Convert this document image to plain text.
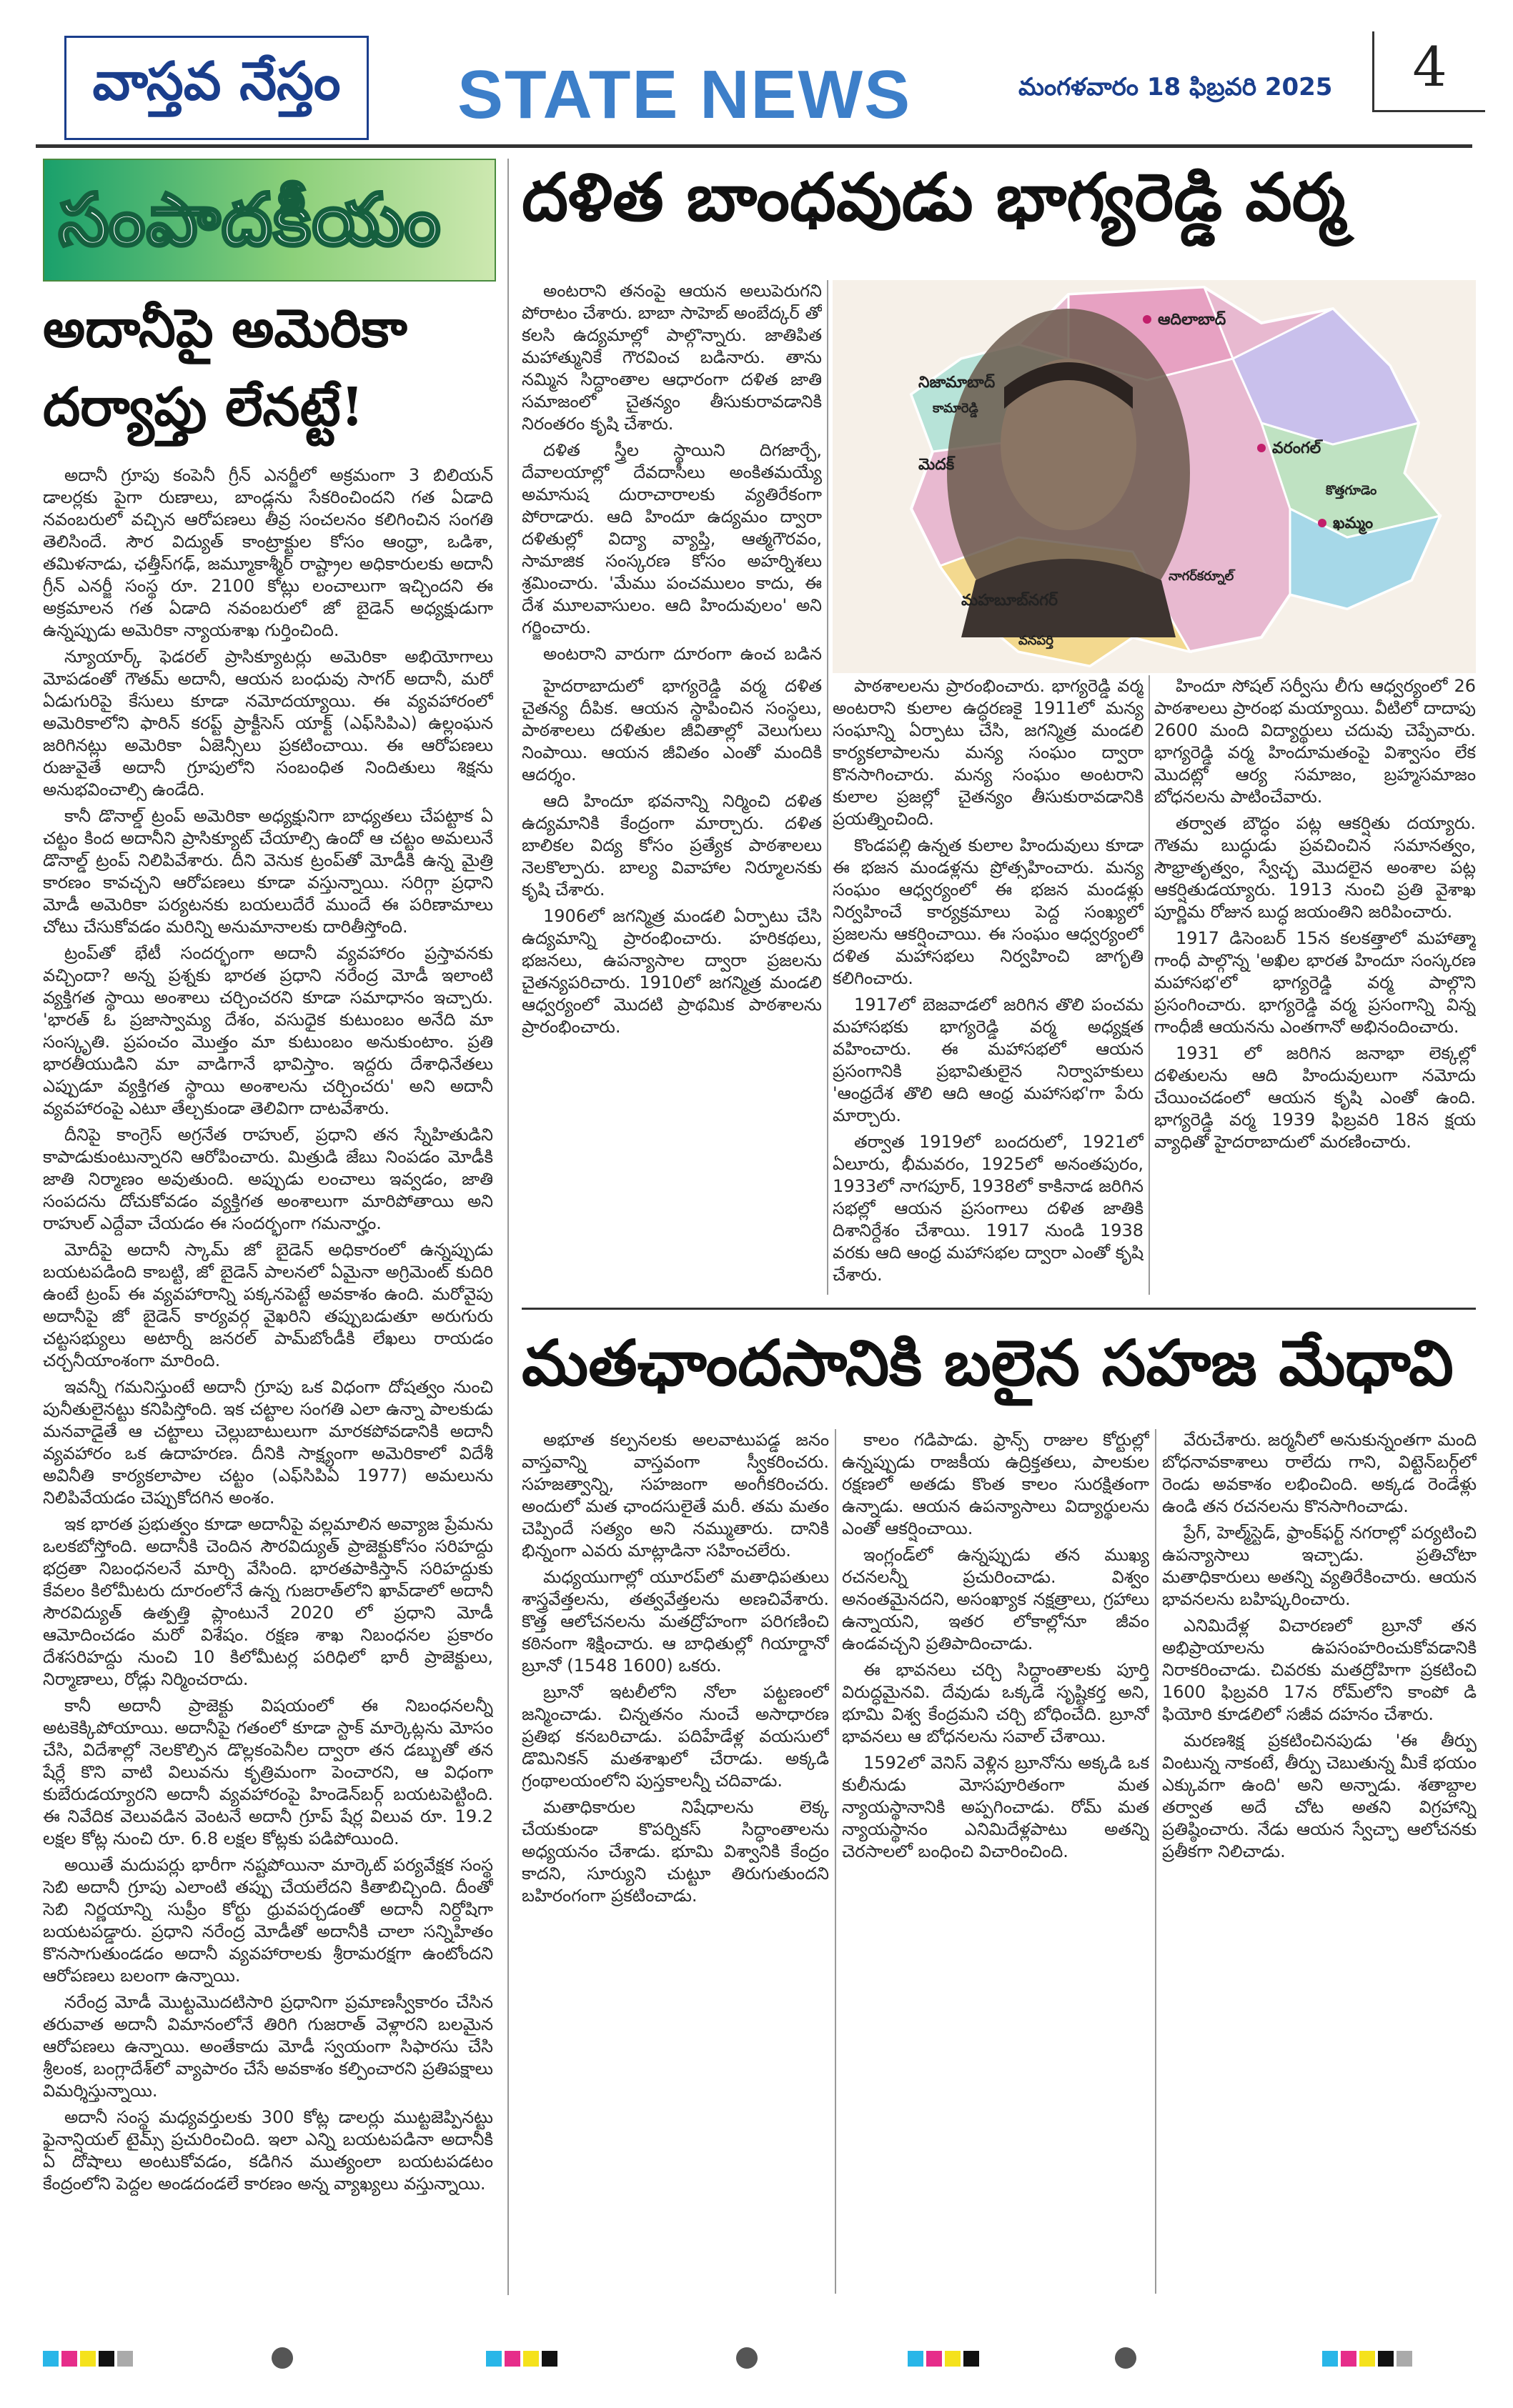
వాస్తవ నేస్తం STATE NEWS	మంగళవారం 18 ఫిబ్రవరి 2025	4
సంపాదకీయం
అదానీపై అమెరికా
దర్యాప్తు లేనట్టే!

అదానీ గ్రూపు కంపెనీ గ్రీన్ ఎనర్జీలో అక్రమంగా 3 బిలియన్ డాలర్లకు పైగా రుణాలు, బాండ్లను సేకరించిందని గత ఏడాది నవంబరులో వచ్చిన ఆరోపణలు తీవ్ర సంచలనం కలిగించిన సంగతి తెలిసిందే. సౌర విద్యుత్ కాంట్రాక్టుల కోసం ఆంధ్రా, ఒడిశా, తమిళనాడు, ఛత్తీస్‌గఢ్, జమ్మూకాశ్మీర్ రాష్ట్రాల అధికారులకు అదానీ గ్రీన్ ఎనర్జీ సంస్థ రూ. 2100 కోట్లు లంచాలుగా ఇచ్చిందని ఈ అక్రమాలన గత ఏడాది నవంబరులో జో బైడెన్ అధ్యక్షుడుగా ఉన్నప్పుడు అమెరికా న్యాయశాఖ గుర్తించింది.

న్యూయార్క్ ఫెడరల్ ప్రాసిక్యూటర్లు అమెరికా అభియోగాలు మోపడంతో గౌతమ్ అదానీ, ఆయన బంధువు సాగర్ అదానీ, మరో ఏడుగురిపై కేసులు కూడా నమోదయ్యాయి. ఈ వ్యవహారంలో అమెరికాలోని ఫారిన్ కరప్ట్ ప్రాక్టీసెస్ యాక్ట్ (ఎఫ్‌సిపిఎ) ఉల్లంఘన జరిగినట్లు అమెరికా ఏజెన్సీలు ప్రకటించాయి. ఈ ఆరోపణలు రుజువైతే అదానీ గ్రూపులోని సంబంధిత నిందితులు శిక్షను అనుభవించాల్సి ఉండేది.

కానీ డొనాల్డ్ ట్రంప్ అమెరికా అధ్యక్షునిగా బాధ్యతలు చేపట్టాక ఏ చట్టం కింద అదానీని ప్రాసిక్యూట్ చేయాల్సి ఉందో ఆ చట్టం అమలునే డొనాల్డ్ ట్రంప్ నిలిపివేశారు. దీని వెనుక ట్రంప్‌తో మోడీకి ఉన్న మైత్రి కారణం కావచ్చని ఆరోపణలు కూడా వస్తున్నాయి. సరిగ్గా ప్రధాని మోడీ అమెరికా పర్యటనకు బయలుదేరే ముందే ఈ పరిణామాలు చోటు చేసుకోవడం మరిన్ని అనుమానాలకు దారితీస్తోంది.

ట్రంప్‌తో భేటీ సందర్భంగా అదానీ వ్యవహారం ప్రస్తావనకు వచ్చిందా? అన్న ప్రశ్నకు భారత ప్రధాని నరేంద్ర మోడీ ఇలాంటి వ్యక్తిగత స్థాయి అంశాలు చర్చించరని కూడా సమాధానం ఇచ్చారు. 'భారత్ ఓ ప్రజాస్వామ్య దేశం, వసుధైక కుటుంబం అనేది మా సంస్కృతి. ప్రపంచం మొత్తం మా కుటుంబం అనుకుంటాం. ప్రతి భారతీయుడిని మా వాడిగానే భావిస్తాం. ఇద్దరు దేశాధినేతలు ఎప్పుడూ వ్యక్తిగత స్థాయి అంశాలను చర్చించరు' అని అదానీ వ్యవహారంపై ఎటూ తేల్చకుండా తెలివిగా దాటవేశారు.

దీనిపై కాంగ్రెస్ అగ్రనేత రాహుల్, ప్రధాని తన స్నేహితుడిని కాపాడుకుంటున్నారని ఆరోపించారు. మిత్రుడి జేబు నింపడం మోడీకి జాతి నిర్మాణం అవుతుంది. అప్పుడు లంచాలు ఇవ్వడం, జాతి సంపదను దోచుకోవడం వ్యక్తిగత అంశాలుగా మారిపోతాయి అని రాహుల్ ఎద్దేవా చేయడం ఈ సందర్భంగా గమనార్హం.

మోదీపై అదానీ స్కామ్ జో బైడెన్ అధికారంలో ఉన్నప్పుడు బయటపడింది కాబట్టి, జో బైడెన్ పాలనలో ఏమైనా అగ్రిమెంట్ కుదిరి ఉంటే ట్రంప్ ఈ వ్యవహారాన్ని పక్కనపెట్టే అవకాశం ఉంది. మరోవైపు అదానీపై జో బైడెన్ కార్యవర్గ వైఖరిని తప్పుబడుతూ అరుగురు చట్టసభ్యులు అటార్నీ జనరల్ పామ్‌బోండీకి లేఖలు రాయడం చర్చనీయాంశంగా మారింది.

ఇవన్నీ గమనిస్తుంటే అదానీ గ్రూపు ఒక విధంగా దోషత్వం నుంచి పునీతులైనట్టు కనిపిస్తోంది. ఇక చట్టాల సంగతి ఎలా ఉన్నా పాలకుడు మనవాడైతే ఆ చట్టాలు చెల్లుబాటులుగా మారకపోవడానికి అదానీ వ్యవహారం ఒక ఉదాహరణ. దీనికి సాక్ష్యంగా అమెరికాలో విదేశీ అవినీతి కార్యకలాపాల చట్టం (ఎఫ్‌సిపిఏ 1977) అమలును నిలిపివేయడం చెప్పుకోదగిన అంశం.

ఇక భారత ప్రభుత్వం కూడా అదానీపై వల్లమాలిన అవ్యాజ ప్రేమను ఒలకబోస్తోంది. అదానీకి చెందిన సౌరవిద్యుత్ ప్రాజెక్టుకోసం సరిహద్దు భద్రతా నిబంధనలనే మార్చి వేసింది. భారతపాకిస్తాన్ సరిహద్దుకు కేవలం కిలోమీటరు దూరంలోనే ఉన్న గుజరాత్‌లోని ఖావ్‌డాలో అదానీ సౌరవిద్యుత్ ఉత్పత్తి ప్లాంటునే 2020 లో ప్రధాని మోడీ ఆమోదించడం మరో విశేషం. రక్షణ శాఖ నిబంధనల ప్రకారం దేశసరిహద్దు నుంచి 10 కిలోమీటర్ల పరిధిలో భారీ ప్రాజెక్టులు, నిర్మాణాలు, రోడ్లు నిర్మించరాదు.

కానీ అదానీ ప్రాజెక్టు విషయంలో ఈ నిబంధనలన్నీ అటకెక్కిపోయాయి. అదానీపై గతంలో కూడా స్టాక్ మార్కెట్లను మోసం చేసి, విదేశాల్లో నెలకొల్పిన డొల్లకంపెనీల ద్వారా తన డబ్బుతో తన షేర్లే కొని వాటి విలువను కృత్రిమంగా పెంచారని, ఆ విధంగా కుబేరుడయ్యారని అదానీ వ్యవహారంపై హిండెన్‌బర్గ్ బయటపెట్టింది. ఈ నివేదిక వెలువడిన వెంటనే అదానీ గ్రూప్ షేర్ల విలువ రూ. 19.2 లక్షల కోట్ల నుంచి రూ. 6.8 లక్షల కోట్లకు పడిపోయింది.

అయితే మదుపర్లు భారీగా నష్టపోయినా మార్కెట్ పర్యవేక్షక సంస్థ సెబి అదానీ గ్రూపు ఎలాంటి తప్పు చేయలేదని కితాబిచ్చింది. దీంతో సెబి నిర్ణయాన్ని సుప్రీం కోర్టు ధ్రువపర్చడంతో అదానీ నిర్దోషిగా బయటపడ్డారు. ప్రధాని నరేంద్ర మోడీతో అదానీకి చాలా సన్నిహితం కొనసాగుతుండడం అదానీ వ్యవహారాలకు శ్రీరామరక్షగా ఉంటోందని ఆరోపణలు బలంగా ఉన్నాయి.

నరేంద్ర మోడీ మొట్టమొదటిసారి ప్రధానిగా ప్రమాణస్వీకారం చేసిన తరువాత అదానీ విమానంలోనే తిరిగి గుజరాత్ వెళ్లారని బలమైన ఆరోపణలు ఉన్నాయి. అంతేకాదు మోడీ స్వయంగా సిఫారసు చేసి శ్రీలంక, బంగ్లాదేశ్‌లో వ్యాపారం చేసే అవకాశం కల్పించారని ప్రతిపక్షాలు విమర్శిస్తున్నాయి.

అదానీ సంస్థ మధ్యవర్తులకు 300 కోట్ల డాలర్లు ముట్టజెప్పినట్టు ఫైనాన్షియల్ టైమ్స్ ప్రచురించింది. ఇలా ఎన్ని బయటపడినా అదానీకి ఏ దోషాలు అంటుకోవడం, కడిగిన ముత్యంలా బయటపడటం కేంద్రంలోని పెద్దల అండదండలే కారణం అన్న వ్యాఖ్యలు వస్తున్నాయి.

దళిత బాంధవుడు భాగ్యరెడ్డి వర్మ

అంటరాని తనంపై ఆయన అలుపెరుగని పోరాటం చేశారు. బాబా సాహెబ్ అంబేద్కర్ తో కలసి ఉద్యమాల్లో పాల్గొన్నారు. జాతిపిత మహాత్మునికే గౌరవించ బడినారు. తాను నమ్మిన సిద్ధాంతాల ఆధారంగా దళిత జాతి సమాజంలో చైతన్యం తీసుకురావడానికి నిరంతరం కృషి చేశారు.

దళిత స్త్రీల స్థాయిని దిగజార్చే, దేవాలయాల్లో దేవదాసీలు అంకితమయ్యే అమానుష దురాచారాలకు వ్యతిరేకంగా పోరాడారు. ఆది హిందూ ఉద్యమం ద్వారా దళితుల్లో విద్యా వ్యాప్తి, ఆత్మగౌరవం, సామాజిక సంస్కరణ కోసం అహర్నిశలు శ్రమించారు. 'మేము పంచములం కాదు, ఈ దేశ మూలవాసులం. ఆది హిందువులం' అని గర్జించారు.

అంటరాని వారుగా దూరంగా ఉంచ బడిన

ఆదిలాబాద్
నిజామాబాద్
కామారెడ్డి
మెదక్
వరంగల్
కొత్తగూడెం
ఖమ్మం
మహబూబ్‌నగర్
వనపర్తి
నాగర్‌కర్నూల్

హైదరాబాదులో భాగ్యరెడ్డి వర్మ దళిత చైతన్య దీపిక. ఆయన స్థాపించిన సంస్థలు, పాఠశాలలు దళితుల జీవితాల్లో వెలుగులు నింపాయి. ఆయన జీవితం ఎంతో మందికి ఆదర్శం.

ఆది హిందూ భవనాన్ని నిర్మించి దళిత ఉద్యమానికి కేంద్రంగా మార్చారు. దళిత బాలికల విద్య కోసం ప్రత్యేక పాఠశాలలు నెలకొల్పారు. బాల్య వివాహాల నిర్మూలనకు కృషి చేశారు.

1906లో జగన్మిత్ర మండలి ఏర్పాటు చేసి ఉద్యమాన్ని ప్రారంభించారు. హరికథలు, భజనలు, ఉపన్యాసాల ద్వారా ప్రజలను చైతన్యపరిచారు. 1910లో జగన్మిత్ర మండలి ఆధ్వర్యంలో మొదటి ప్రాథమిక పాఠశాలను ప్రారంభించారు.

పాఠశాలలను ప్రారంభించారు. భాగ్యరెడ్డి వర్మ అంటరాని కులాల ఉద్ధరణకై 1911లో మన్య సంఘాన్ని ఏర్పాటు చేసి, జగన్మిత్ర మండలి కార్యకలాపాలను మన్య సంఘం ద్వారా కొనసాగించారు. మన్య సంఘం అంటరాని కులాల ప్రజల్లో చైతన్యం తీసుకురావడానికి ప్రయత్నించింది.

కొండపల్లి ఉన్నత కులాల హిందువులు కూడా ఈ భజన మండళ్లను ప్రోత్సహించారు. మన్య సంఘం ఆధ్వర్యంలో ఈ భజన మండళ్లు నిర్వహించే కార్యక్రమాలు పెద్ద సంఖ్యలో ప్రజలను ఆకర్షించాయి. ఈ సంఘం ఆధ్వర్యంలో దళిత మహాసభలు నిర్వహించి జాగృతి కలిగించారు.

1917లో బెజవాడలో జరిగిన తొలి పంచమ మహాసభకు భాగ్యరెడ్డి వర్మ అధ్యక్షత వహించారు. ఈ మహాసభలో ఆయన ప్రసంగానికి ప్రభావితులైన నిర్వాహకులు 'ఆంధ్రదేశ తొలి ఆది ఆంధ్ర మహాసభ'గా పేరు మార్చారు.

తర్వాత 1919లో బందరులో, 1921లో ఏలూరు, భీమవరం, 1925లో అనంతపురం, 1933లో నాగపూర్, 1938లో కాకినాడ జరిగిన సభల్లో ఆయన ప్రసంగాలు దళిత జాతికి దిశానిర్దేశం చేశాయి. 1917 నుండి 1938 వరకు ఆది ఆంధ్ర మహాసభల ద్వారా ఎంతో కృషి చేశారు.

హిందూ సోషల్ సర్వీసు లీగు ఆధ్వర్యంలో 26 పాఠశాలలు ప్రారంభ మయ్యాయి. వీటిలో దాదాపు 2600 మంది విద్యార్థులు చదువు చెప్పేవారు. భాగ్యరెడ్డి వర్మ హిందూమతంపై విశ్వాసం లేక మొదట్లో ఆర్య సమాజం, బ్రహ్మసమాజం బోధనలను పాటించేవారు.

తర్వాత బౌద్ధం పట్ల ఆకర్షితు దయ్యారు. గౌతమ బుద్ధుడు ప్రవచించిన సమానత్వం, సౌభ్రాతృత్వం, స్వేచ్ఛ మొదలైన అంశాల పట్ల ఆకర్షితుడయ్యారు. 1913 నుంచి ప్రతి వైశాఖ పూర్ణిమ రోజున బుద్ధ జయంతిని జరిపించారు.

1917 డిసెంబర్ 15న కలకత్తాలో మహాత్మా గాంధీ పాల్గొన్న 'అఖిల భారత హిందూ సంస్కరణ మహాసభ'లో భాగ్యరెడ్డి వర్మ పాల్గొని ప్రసంగించారు. భాగ్యరెడ్డి వర్మ ప్రసంగాన్ని విన్న గాంధీజీ ఆయనను ఎంతగానో అభినందించారు.

1931 లో జరిగిన జనాభా లెక్కల్లో దళితులను ఆది హిందువులుగా నమోదు చేయించడంలో ఆయన కృషి ఎంతో ఉంది. భాగ్యరెడ్డి వర్మ 1939 ఫిబ్రవరి 18న క్షయ వ్యాధితో హైదరాబాదులో మరణించారు.

మతఛాందసానికి బలైన సహజ మేధావి

అభూత కల్పనలకు అలవాటుపడ్డ జనం వాస్తవాన్ని వాస్తవంగా స్వీకరించరు. సహజత్వాన్ని, సహజంగా అంగీకరించరు. అందులో మత ఛాందసులైతే మరీ. తమ మతం చెప్పిందే సత్యం అని నమ్ముతారు. దానికి భిన్నంగా ఎవరు మాట్లాడినా సహించలేరు.

మధ్యయుగాల్లో యూరప్‌లో మతాధిపతులు శాస్త్రవేత్తలను, తత్వవేత్తలను అణచివేశారు. కొత్త ఆలోచనలను మతద్రోహంగా పరిగణించి కఠినంగా శిక్షించారు. ఆ బాధితుల్లో గియార్డానో బ్రూనో (1548 1600) ఒకరు.

బ్రూనో ఇటలీలోని నోలా పట్టణంలో జన్మించాడు. చిన్నతనం నుంచే అసాధారణ ప్రతిభ కనబరిచాడు. పదిహేడేళ్ల వయసులో డొమినికన్ మతశాఖలో చేరాడు. అక్కడి గ్రంథాలయంలోని పుస్తకాలన్నీ చదివాడు.

మతాధికారుల నిషేధాలను లెక్క చేయకుండా కొపర్నికస్ సిద్ధాంతాలను అధ్యయనం చేశాడు. భూమి విశ్వానికి కేంద్రం కాదని, సూర్యుని చుట్టూ తిరుగుతుందని బహిరంగంగా ప్రకటించాడు.

కాలం గడిపాడు. ఫ్రాన్స్ రాజుల కోర్టుల్లో ఉన్నప్పుడు రాజకీయ ఉద్రిక్తతలు, పాలకుల రక్షణలో అతడు కొంత కాలం సురక్షితంగా ఉన్నాడు. ఆయన ఉపన్యాసాలు విద్యార్థులను ఎంతో ఆకర్షించాయి.

ఇంగ్లండ్‌లో ఉన్నప్పుడు తన ముఖ్య రచనలన్నీ ప్రచురించాడు. విశ్వం అనంతమైనదని, అసంఖ్యాక నక్షత్రాలు, గ్రహాలు ఉన్నాయని, ఇతర లోకాల్లోనూ జీవం ఉండవచ్చని ప్రతిపాదించాడు.

ఈ భావనలు చర్చి సిద్ధాంతాలకు పూర్తి విరుద్ధమైనవి. దేవుడు ఒక్కడే సృష్టికర్త అని, భూమి విశ్వ కేంద్రమని చర్చి బోధించేది. బ్రూనో భావనలు ఆ బోధనలను సవాల్ చేశాయి.

1592లో వెనిస్ వెళ్లిన బ్రూనోను అక్కడి ఒక కులీనుడు మోసపూరితంగా మత న్యాయస్థానానికి అప్పగించాడు. రోమ్ మత న్యాయస్థానం ఎనిమిదేళ్లపాటు అతన్ని చెరసాలలో బంధించి విచారించింది.

వేరుచేశారు. జర్మనీలో అనుకున్నంతగా మంది బోధనావకాశాలు రాలేదు గాని, విట్టెన్‌బర్గ్‌లో రెండు అవకాశం లభించింది. అక్కడ రెండేళ్లు ఉండి తన రచనలను కొనసాగించాడు.

ప్రేగ్, హెల్మ్‌స్టెడ్, ఫ్రాంక్‌ఫర్ట్ నగరాల్లో పర్యటించి ఉపన్యాసాలు ఇచ్చాడు. ప్రతిచోటా మతాధికారులు అతన్ని వ్యతిరేకించారు. ఆయన భావనలను బహిష్కరించారు.

ఎనిమిదేళ్ల విచారణలో బ్రూనో తన అభిప్రాయాలను ఉపసంహరించుకోవడానికి నిరాకరించాడు. చివరకు మతద్రోహిగా ప్రకటించి 1600 ఫిబ్రవరి 17న రోమ్‌లోని కాంపో డి ఫియోరి కూడలిలో సజీవ దహనం చేశారు.

మరణశిక్ష ప్రకటించినపుడు 'ఈ తీర్పు వింటున్న నాకంటే, తీర్పు చెబుతున్న మీకే భయం ఎక్కువగా ఉంది' అని అన్నాడు. శతాబ్దాల తర్వాత అదే చోట అతని విగ్రహాన్ని ప్రతిష్ఠించారు. నేడు ఆయన స్వేచ్ఛా ఆలోచనకు ప్రతీకగా నిలిచాడు.
